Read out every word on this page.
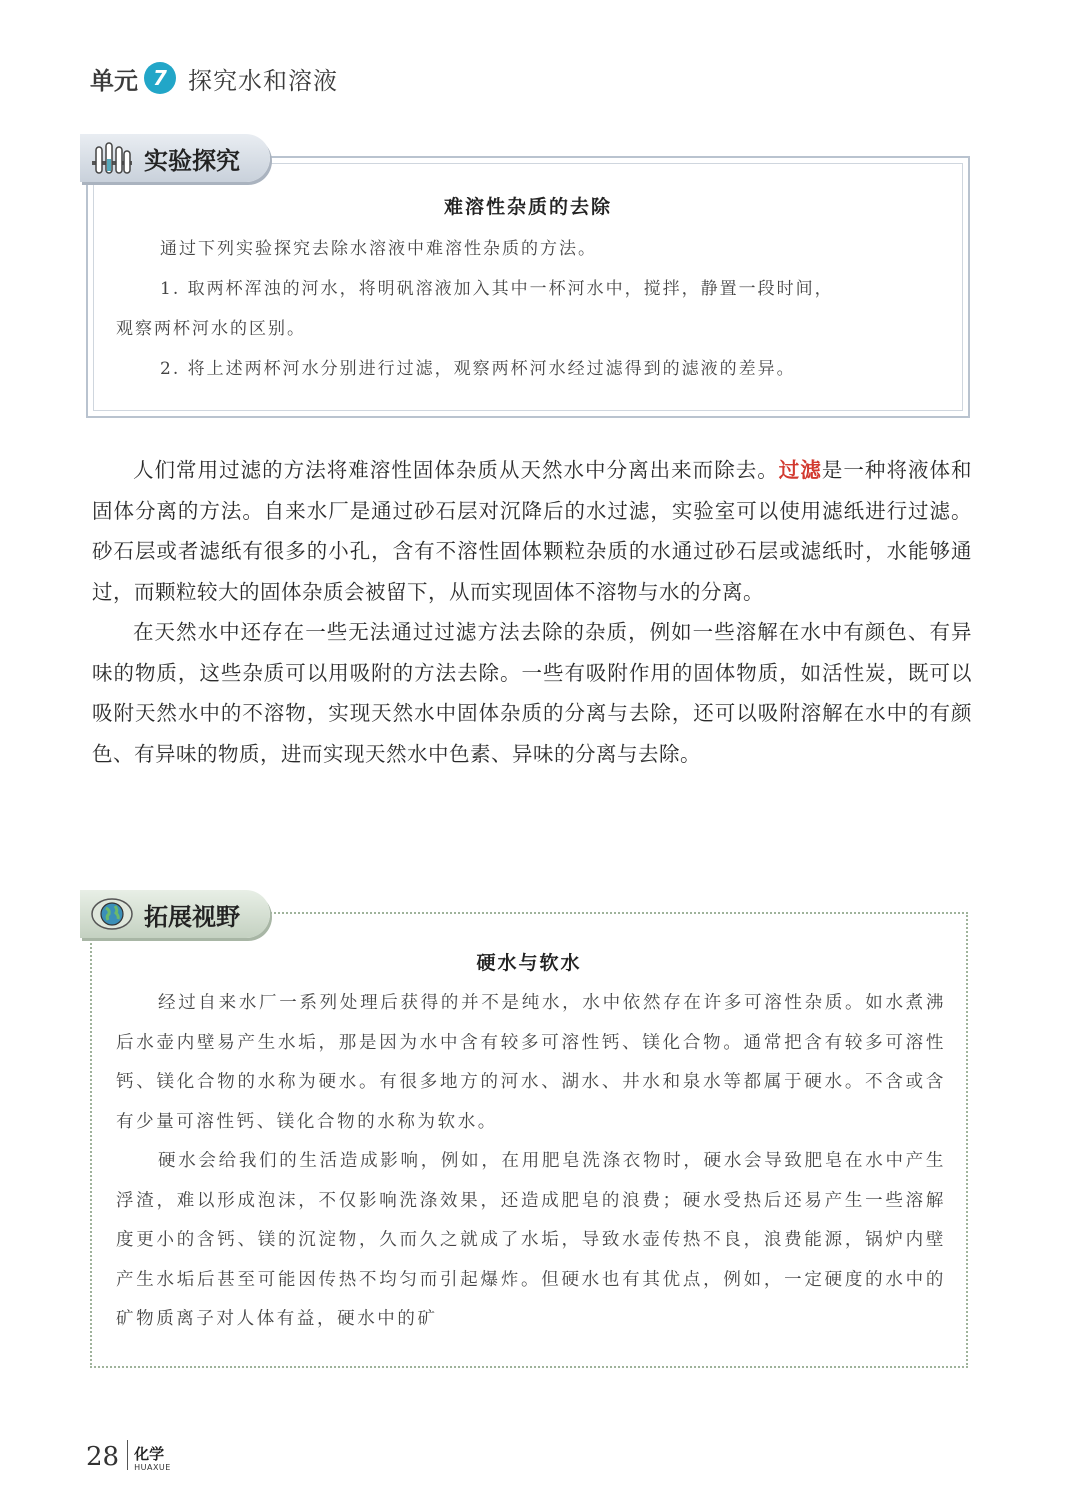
单元 7 探究水和溶液
实验探究
难溶性杂质的去除
通过下列实验探究去除水溶液中难溶性杂质的方法。
1. 取两杯浑浊的河水，将明矾溶液加入其中一杯河水中，搅拌，静置一段时间，
观察两杯河水的区别。
2. 将上述两杯河水分别进行过滤，观察两杯河水经过滤得到的滤液的差异。

人们常用过滤的方法将难溶性固体杂质从天然水中分离出来而除去。过滤是一种将液体和固体分离的方法。自来水厂是通过砂石层对沉降后的水过滤，实验室可以使用滤纸进行过滤。砂石层或者滤纸有很多的小孔，含有不溶性固体颗粒杂质的水通过砂石层或滤纸时，水能够通过，而颗粒较大的固体杂质会被留下，从而实现固体不溶物与水的分离。

在天然水中还存在一些无法通过过滤方法去除的杂质，例如一些溶解在水中有颜色、有异味的物质，这些杂质可以用吸附的方法去除。一些有吸附作用的固体物质，如活性炭，既可以吸附天然水中的不溶物，实现天然水中固体杂质的分离与去除，还可以吸附溶解在水中的有颜色、有异味的物质，进而实现天然水中色素、异味的分离与去除。

拓展视野
硬水与软水

经过自来水厂一系列处理后获得的并不是纯水，水中依然存在许多可溶性杂质。如水煮沸后水壶内壁易产生水垢，那是因为水中含有较多可溶性钙、镁化合物。通常把含有较多可溶性钙、镁化合物的水称为硬水。有很多地方的河水、湖水、井水和泉水等都属于硬水。不含或含有少量可溶性钙、镁化合物的水称为软水。

硬水会给我们的生活造成影响，例如，在用肥皂洗涤衣物时，硬水会导致肥皂在水中产生浮渣，难以形成泡沫，不仅影响洗涤效果，还造成肥皂的浪费；硬水受热后还易产生一些溶解度更小的含钙、镁的沉淀物，久而久之就成了水垢，导致水壶传热不良，浪费能源，锅炉内壁产生水垢后甚至可能因传热不均匀而引起爆炸。但硬水也有其优点，例如，一定硬度的水中的矿物质离子对人体有益，硬水中的矿

28 化学
HUAXUE
